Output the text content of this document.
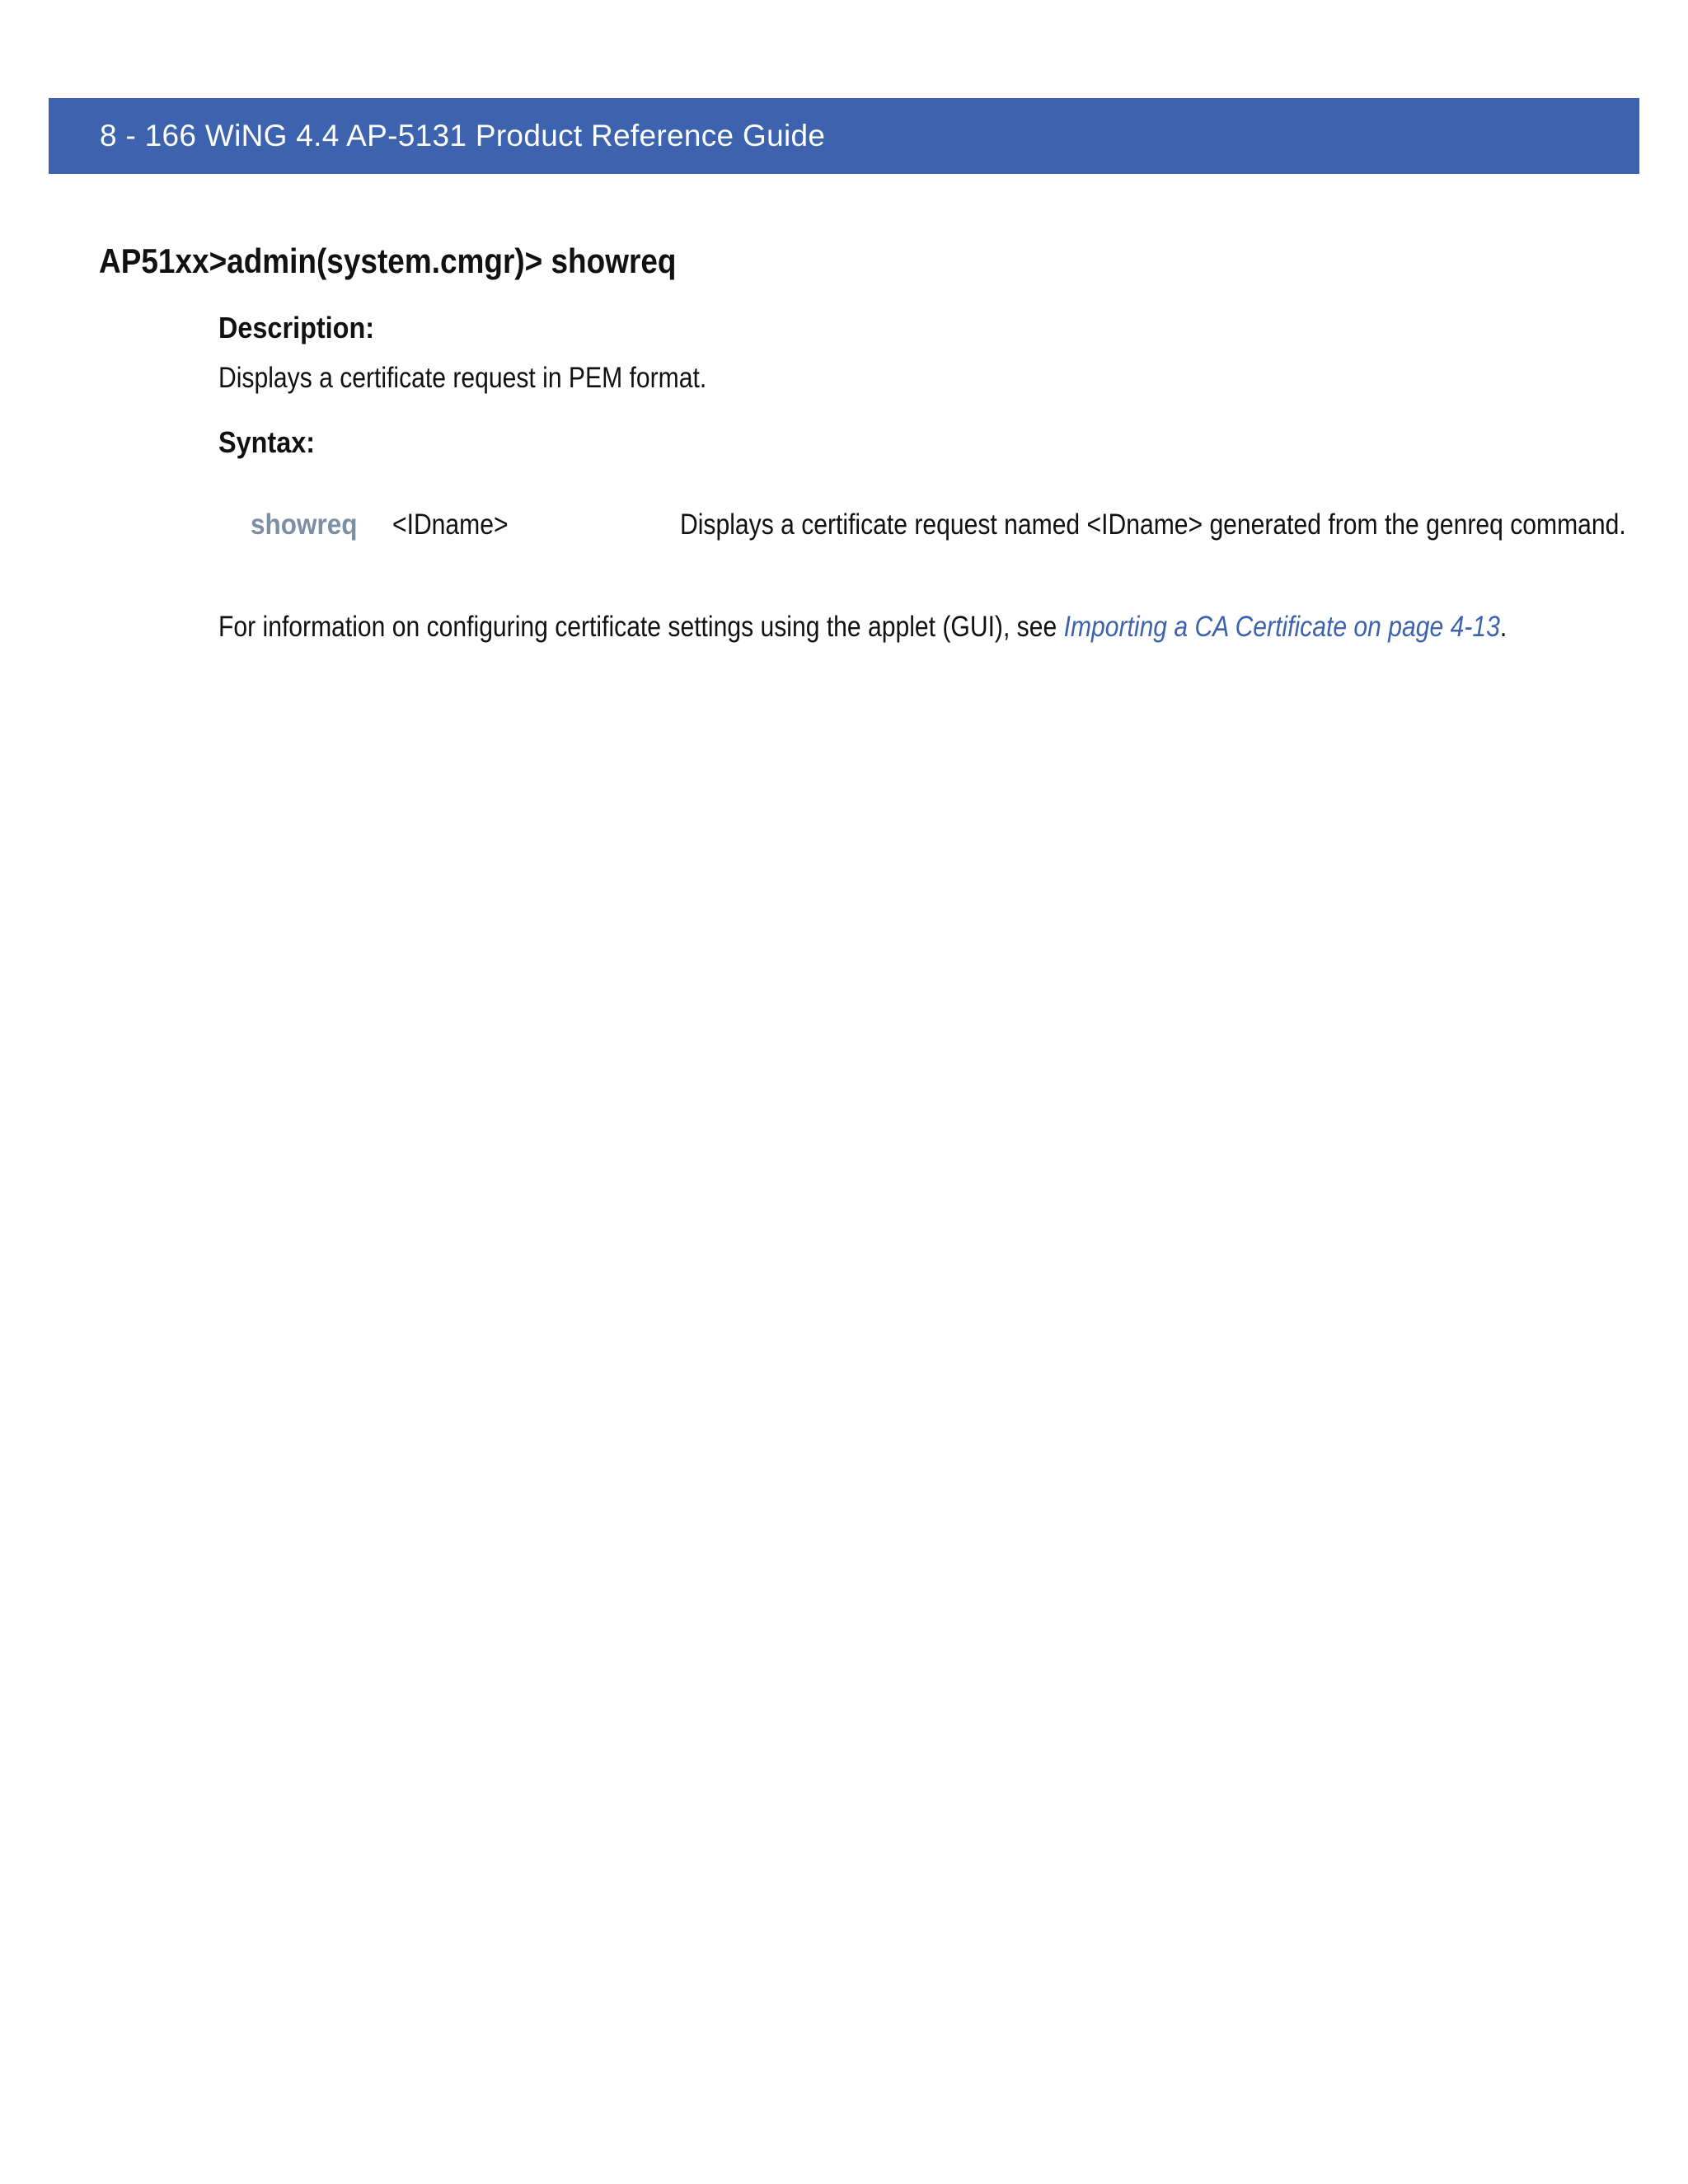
8 - 166 WiNG 4.4 AP-5131 Product Reference Guide
AP51xx>admin(system.cmgr)> showreq
Description:
Displays a certificate request in PEM format.
Syntax:
showreq <IDname>	Displays a certificate request named <IDname> generated from the genreq command.
For information on configuring certificate settings using the applet (GUI), see Importing a CA Certificate on page 4-13.
